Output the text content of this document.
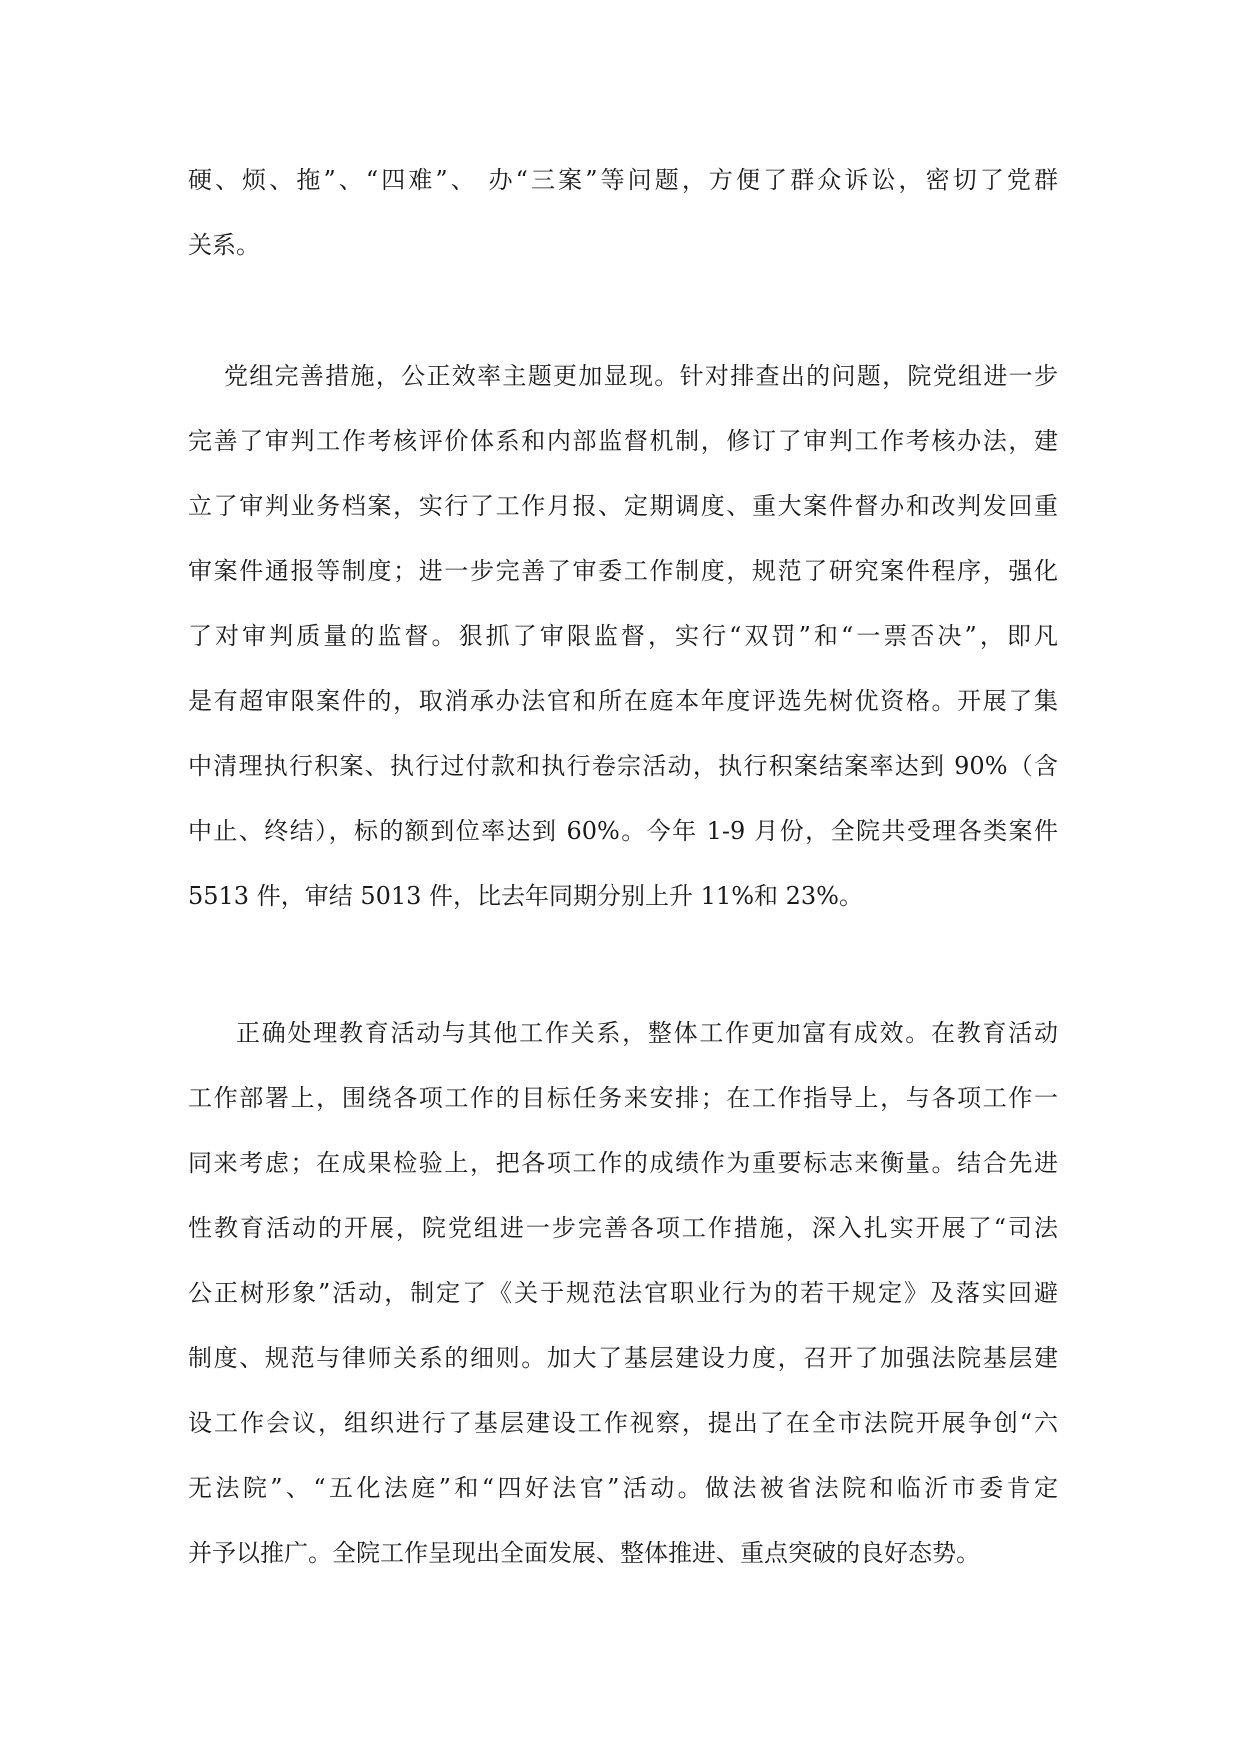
硬、烦、拖”、“四难”、 办“三案”等问题，方便了群众诉讼，密切了党群
关系。
党组完善措施，公正效率主题更加显现。针对排查出的问题，院党组进一步
完善了审判工作考核评价体系和内部监督机制，修订了审判工作考核办法，建
立了审判业务档案，实行了工作月报、定期调度、重大案件督办和改判发回重
审案件通报等制度；进一步完善了审委工作制度，规范了研究案件程序，强化
了对审判质量的监督。狠抓了审限监督，实行“双罚”和“一票否决”，即凡
是有超审限案件的，取消承办法官和所在庭本年度评选先树优资格。开展了集
中清理执行积案、执行过付款和执行卷宗活动，执行积案结案率达到 90%（含
中止、终结），标的额到位率达到 60%。今年 1-9 月份，全院共受理各类案件
5513 件，审结 5013 件，比去年同期分别上升 11%和 23%。
正确处理教育活动与其他工作关系，整体工作更加富有成效。在教育活动
工作部署上，围绕各项工作的目标任务来安排；在工作指导上，与各项工作一
同来考虑；在成果检验上，把各项工作的成绩作为重要标志来衡量。结合先进
性教育活动的开展，院党组进一步完善各项工作措施，深入扎实开展了“司法
公正树形象”活动，制定了《关于规范法官职业行为的若干规定》及落实回避
制度、规范与律师关系的细则。加大了基层建设力度，召开了加强法院基层建
设工作会议，组织进行了基层建设工作视察，提出了在全市法院开展争创“六
无法院”、“五化法庭”和“四好法官”活动。做法被省法院和临沂市委肯定
并予以推广。全院工作呈现出全面发展、整体推进、重点突破的良好态势。
